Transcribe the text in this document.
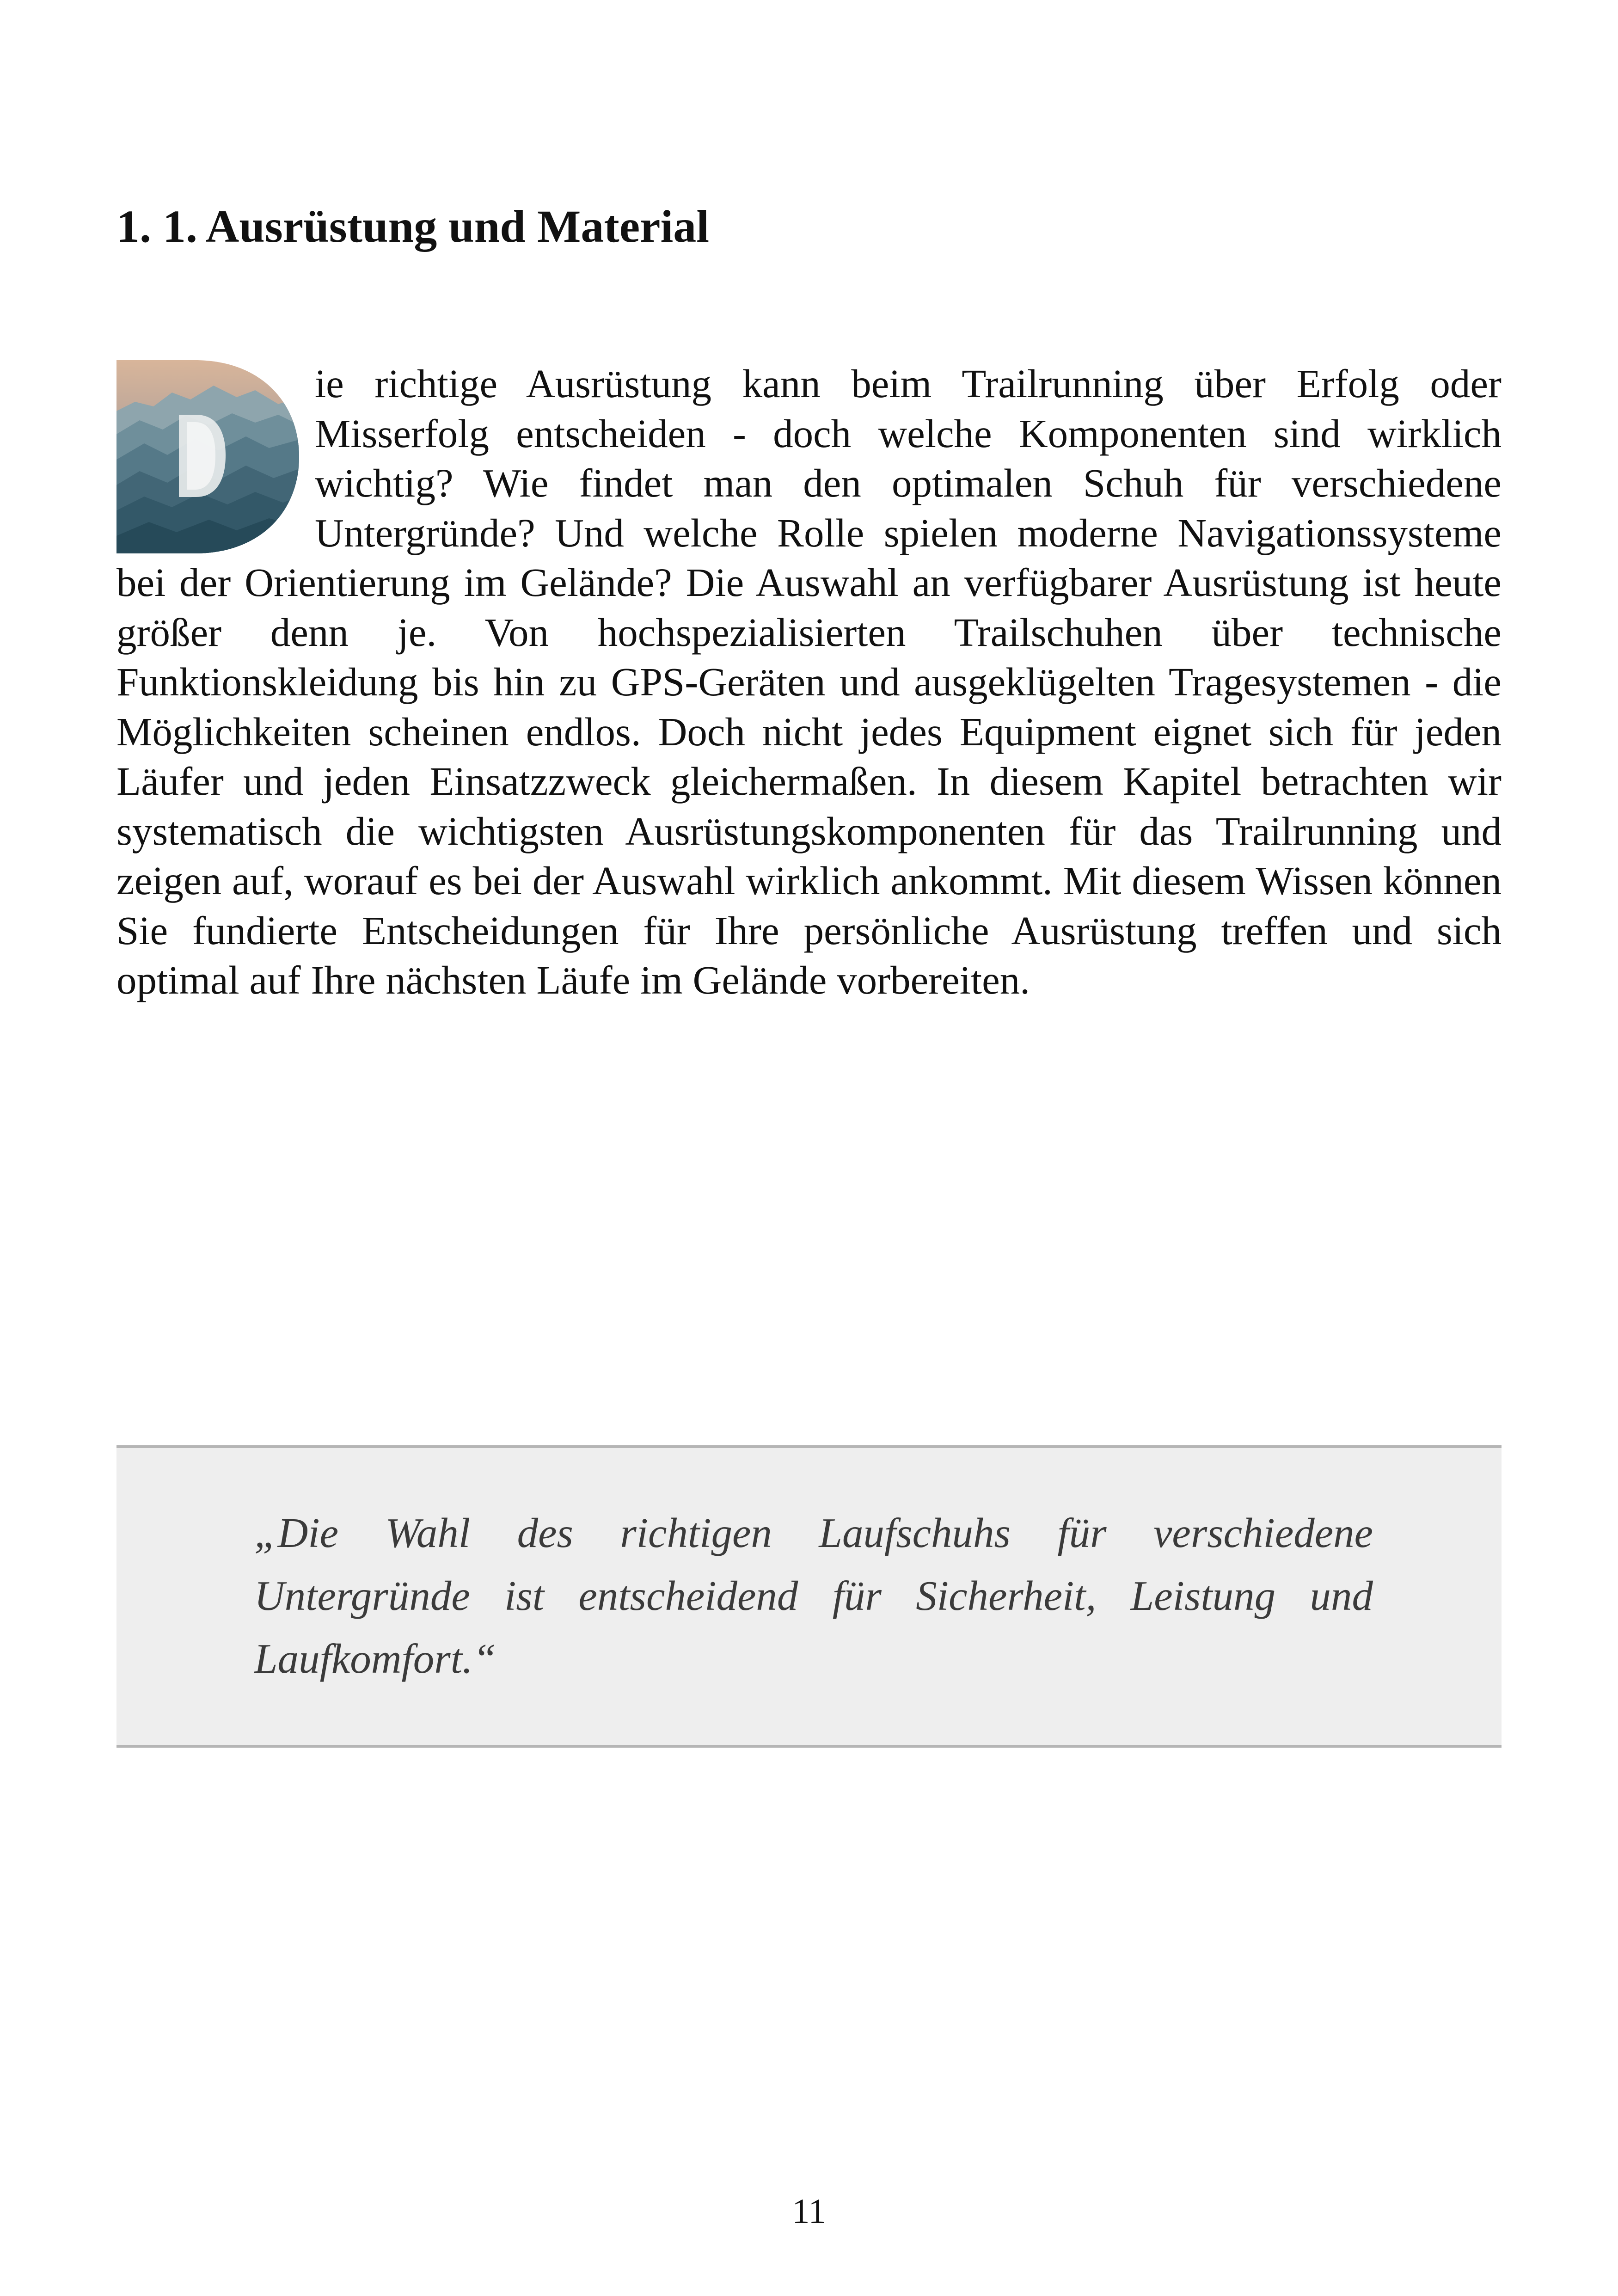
1. 1. Ausrüstung und Material

ie richtige Ausrüstung kann beim Trailrunning über Erfolg oder Misserfolg entscheiden - doch welche Komponenten sind wirklich wichtig? Wie findet man den optimalen Schuh für verschiedene Untergründe? Und welche Rolle spielen moderne Navigationssysteme bei der Orientierung im Gelände? Die Auswahl an verfügbarer Ausrüstung ist heute größer denn je. Von hochspezialisierten Trailschuhen über technische Funktionskleidung bis hin zu GPS-Geräten und ausgeklügelten Tragesystemen - die Möglichkeiten scheinen endlos. Doch nicht jedes Equipment eignet sich für jeden Läufer und jeden Einsatzzweck gleichermaßen. In diesem Kapitel betrachten wir systematisch die wichtigsten Ausrüstungskomponenten für das Trailrunning und zeigen auf, worauf es bei der Auswahl wirklich ankommt. Mit diesem Wissen können Sie fundierte Entscheidungen für Ihre persönliche Ausrüstung treffen und sich optimal auf Ihre nächsten Läufe im Gelände vorbereiten.

„Die Wahl des richtigen Laufschuhs für verschiedene Untergründe ist entscheidend für Sicherheit, Leistung und Laufkomfort.“

11
